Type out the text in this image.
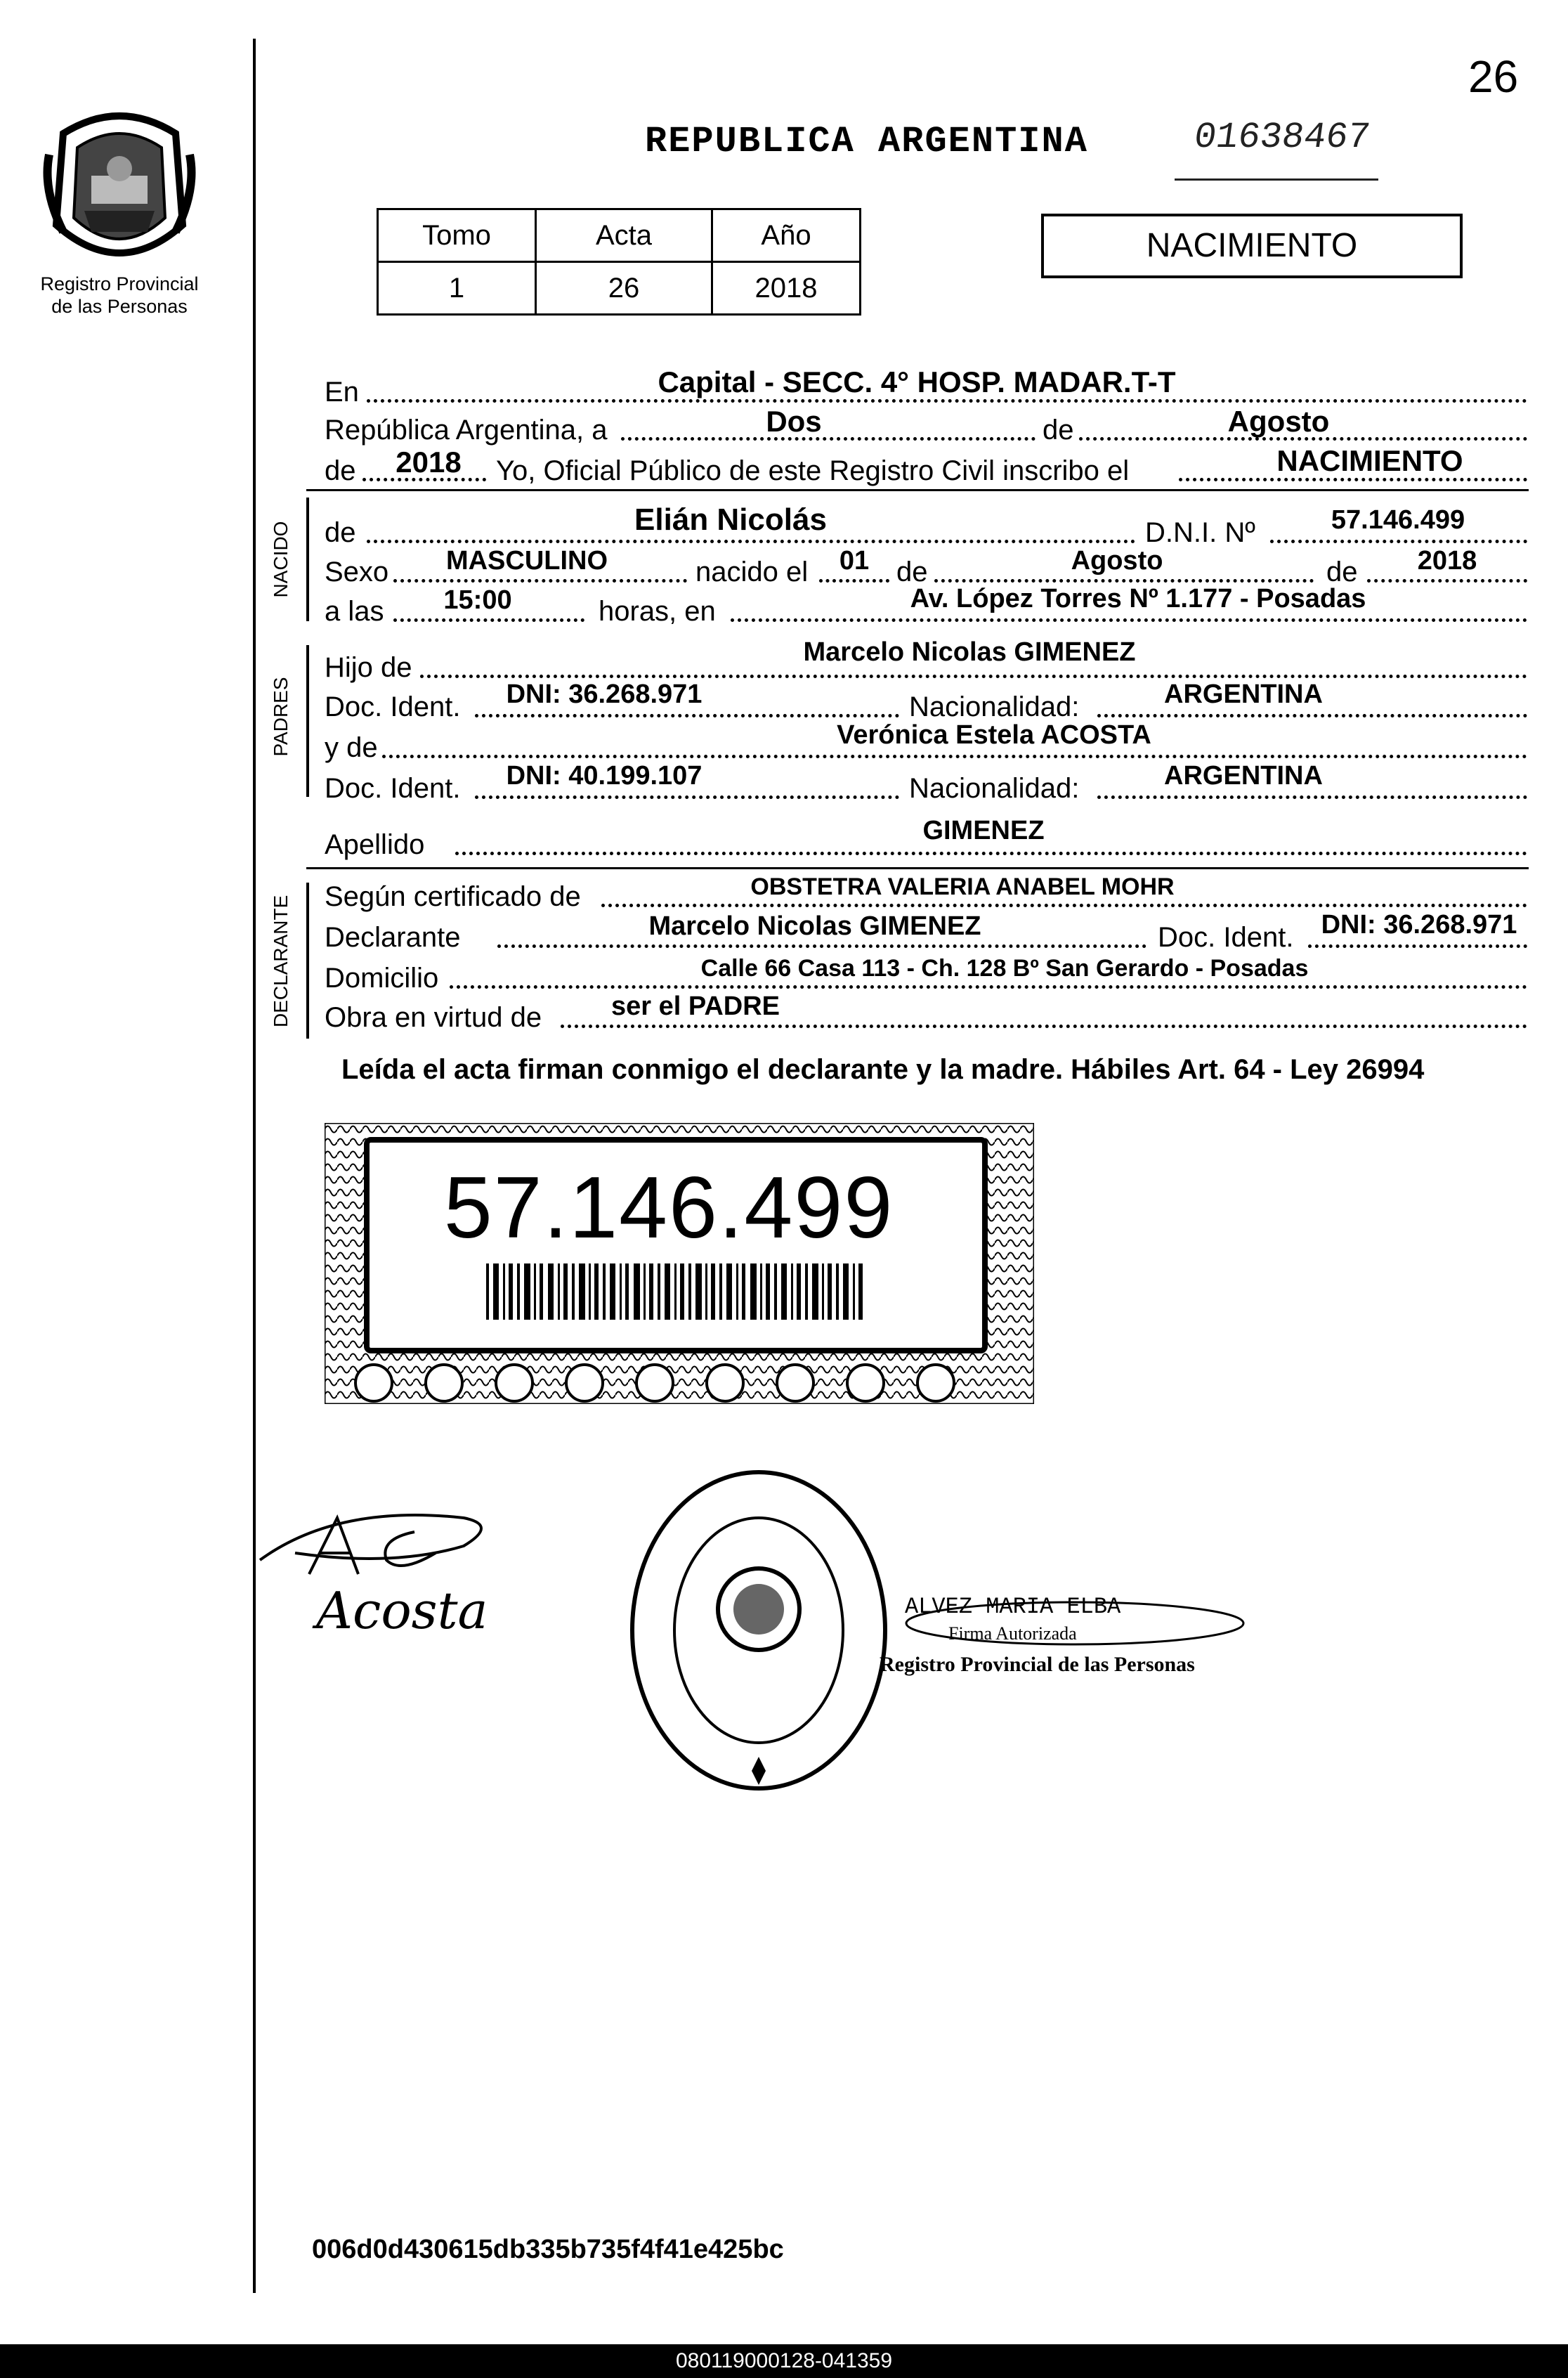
Registro Provincial
de las Personas
26
REPUBLICA ARGENTINA	01638467
Tomo	Acta	Año
1	26	2018
NACIMIENTO
En	Capital - SECC. 4° HOSP. MADAR.T-T
República Argentina, a	Dos	de	Agosto
de	2018	Yo, Oficial Público de este Registro Civil inscribo el	NACIMIENTO
NACIDO de	Elián Nicolás	D.N.I. Nº	57.146.499
Sexo	MASCULINO	nacido el	01 de	Agosto	de	2018
a las	15:00	horas, en	Av. López Torres Nº 1.177 - Posadas
PADRES
Hijo de	Marcelo Nicolas GIMENEZ
Doc. Ident.	DNI: 36.268.971	Nacionalidad:	ARGENTINA
y de	Verónica Estela ACOSTA
Doc. Ident.	DNI: 40.199.107	Nacionalidad:	ARGENTINA
Apellido	GIMENEZ
DECLARANTE Según certificado de	OBSTETRA VALERIA ANABEL MOHR
Declarante	Marcelo Nicolas GIMENEZ	Doc. Ident.	DNI: 36.268.971
Domicilio	Calle 66 Casa 113 - Ch. 128 Bº San Gerardo - Posadas
Obra en virtud de	ser el PADRE
Leída el acta firman conmigo el declarante y la madre. Hábiles Art. 64 - Ley 26994
57.146.499
Acosta	ALVEZ MARIA ELBA
Firma Autorizada
Registro Provincial de las Personas
006d0d430615db335b735f4f41e425bc
080119000128-041359
